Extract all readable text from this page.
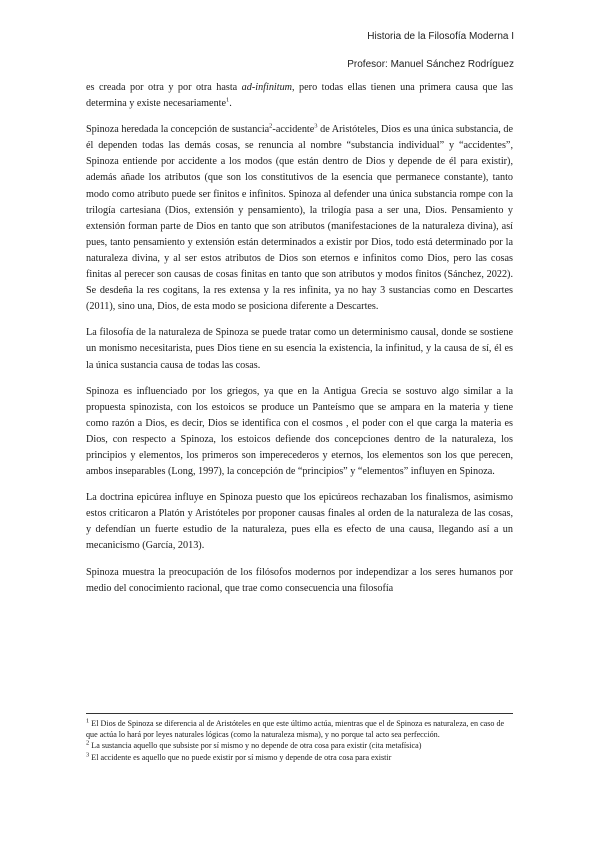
Historia de la Filosofía Moderna I
Profesor: Manuel Sánchez Rodríguez

es creada por otra y por otra hasta ad-infinitum, pero todas ellas tienen una primera causa que las determina y existe necesariamente$^1$.

Spinoza heredada la concepción de sustancia$^2$-accidente$^3$ de Aristóteles, Dios es una única substancia, de él dependen todas las demás cosas, se renuncia al nombre “substancia individual” y “accidentes”, Spinoza entiende por accidente a los modos (que están dentro de Dios y depende de él para existir), además añade los atributos (que son los constitutivos de la esencia que permanece constante), tanto modo como atributo puede ser finitos e infinitos. Spinoza al defender una única substancia rompe con la trilogía cartesiana (Dios, extensión y pensamiento), la trilogía pasa a ser una, Dios. Pensamiento y extensión forman parte de Dios en tanto que son atributos (manifestaciones de la naturaleza divina), así pues, tanto pensamiento y extensión están determinados a existir por Dios, todo está determinado por la naturaleza divina, y al ser estos atributos de Dios son eternos e infinitos como Dios, pero las cosas finitas al perecer son causas de cosas finitas en tanto que son atributos y modos finitos (Sánchez, 2022). Se desdeña la res cogitans, la res extensa y la res infinita, ya no hay 3 sustancias como en Descartes (2011), sino una, Dios, de esta modo se posiciona diferente a Descartes.

La filosofía de la naturaleza de Spinoza se puede tratar como un determinismo causal, donde se sostiene un monismo necesitarista, pues Dios tiene en su esencia la existencia, la infinitud, y la causa de sí, él es la única sustancia causa de todas las cosas.

Spinoza es influenciado por los griegos, ya que en la Antigua Grecia se sostuvo algo similar a la propuesta spinozista, con los estoicos se produce un Panteísmo que se ampara en la materia y tiene como razón a Dios, es decir, Dios se identifica con el cosmos , el poder con el que carga la materia es Dios, con respecto a Spinoza, los estoicos defiende dos concepciones dentro de la naturaleza, los principios y elementos, los primeros son imperecederos y eternos, los elementos son los que perecen, ambos inseparables (Long, 1997), la concepción de “principios” y “elementos” influyen en Spinoza.

La doctrina epicúrea influye en Spinoza puesto que los epicúreos rechazaban los finalismos, asimismo estos criticaron a Platón y Aristóteles por proponer causas finales al orden de la naturaleza de las cosas, y defendían un fuerte estudio de la naturaleza, pues ella es efecto de una causa, llegando así a un mecanicismo (García, 2013).

Spinoza muestra la preocupación de los filósofos modernos por independizar a los seres humanos por medio del conocimiento racional, que trae como consecuencia una filosofía

$^1$ El Dios de Spinoza se diferencia al de Aristóteles en que este último actúa, mientras que el de Spinoza es naturaleza, en caso de que actúa lo hará por leyes naturales lógicas (como la naturaleza misma), y no porque tal acto sea perfección.

$^2$ La sustancia aquello que subsiste por sí mismo y no depende de otra cosa para existir (cita metafísica)

$^3$ El accidente es aquello que no puede existir por sí mismo y depende de otra cosa para existir
